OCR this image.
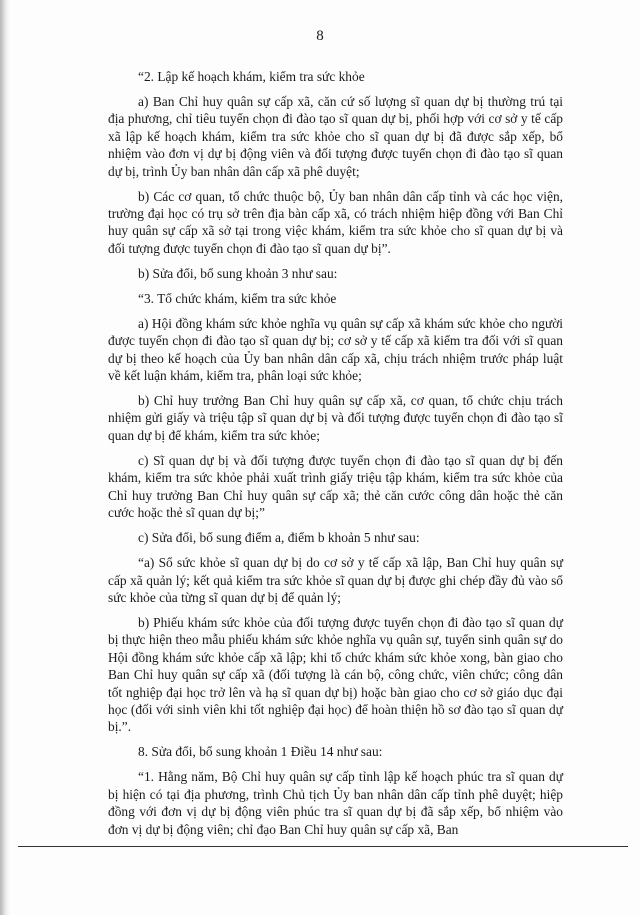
8

“2. Lập kế hoạch khám, kiểm tra sức khỏe

a) Ban Chỉ huy quân sự cấp xã, căn cứ số lượng sĩ quan dự bị thường trú tại địa phương, chỉ tiêu tuyển chọn đi đào tạo sĩ quan dự bị, phối hợp với cơ sở y tế cấp xã lập kế hoạch khám, kiểm tra sức khỏe cho sĩ quan dự bị đã được sắp xếp, bổ nhiệm vào đơn vị dự bị động viên và đối tượng được tuyển chọn đi đào tạo sĩ quan dự bị, trình Ủy ban nhân dân cấp xã phê duyệt;

b) Các cơ quan, tổ chức thuộc bộ, Ủy ban nhân dân cấp tỉnh và các học viện, trường đại học có trụ sở trên địa bàn cấp xã, có trách nhiệm hiệp đồng với Ban Chỉ huy quân sự cấp xã sở tại trong việc khám, kiểm tra sức khỏe cho sĩ quan dự bị và đối tượng được tuyển chọn đi đào tạo sĩ quan dự bị”.

b) Sửa đổi, bổ sung khoản 3 như sau:

“3. Tổ chức khám, kiểm tra sức khỏe

a) Hội đồng khám sức khỏe nghĩa vụ quân sự cấp xã khám sức khỏe cho người được tuyển chọn đi đào tạo sĩ quan dự bị; cơ sở y tế cấp xã kiểm tra đối với sĩ quan dự bị theo kế hoạch của Ủy ban nhân dân cấp xã, chịu trách nhiệm trước pháp luật về kết luận khám, kiểm tra, phân loại sức khỏe;

b) Chỉ huy trưởng Ban Chỉ huy quân sự cấp xã, cơ quan, tổ chức chịu trách nhiệm gửi giấy và triệu tập sĩ quan dự bị và đối tượng được tuyển chọn đi đào tạo sĩ quan dự bị để khám, kiểm tra sức khỏe;

c) Sĩ quan dự bị và đối tượng được tuyển chọn đi đào tạo sĩ quan dự bị đến khám, kiểm tra sức khỏe phải xuất trình giấy triệu tập khám, kiểm tra sức khỏe của Chỉ huy trưởng Ban Chỉ huy quân sự cấp xã; thẻ căn cước công dân hoặc thẻ căn cước hoặc thẻ sĩ quan dự bị;”

c) Sửa đổi, bổ sung điểm a, điểm b khoản 5 như sau:

“a) Sổ sức khỏe sĩ quan dự bị do cơ sở y tế cấp xã lập, Ban Chỉ huy quân sự cấp xã quản lý; kết quả kiểm tra sức khỏe sĩ quan dự bị được ghi chép đầy đủ vào sổ sức khỏe của từng sĩ quan dự bị để quản lý;

b) Phiếu khám sức khỏe của đối tượng được tuyển chọn đi đào tạo sĩ quan dự bị thực hiện theo mẫu phiếu khám sức khỏe nghĩa vụ quân sự, tuyển sinh quân sự do Hội đồng khám sức khỏe cấp xã lập; khi tổ chức khám sức khỏe xong, bàn giao cho Ban Chỉ huy quân sự cấp xã (đối tượng là cán bộ, công chức, viên chức; công dân tốt nghiệp đại học trở lên và hạ sĩ quan dự bị) hoặc bàn giao cho cơ sở giáo dục đại học (đối với sinh viên khi tốt nghiệp đại học) để hoàn thiện hồ sơ đào tạo sĩ quan dự bị.”.

8. Sửa đổi, bổ sung khoản 1 Điều 14 như sau:

“1. Hằng năm, Bộ Chỉ huy quân sự cấp tỉnh lập kế hoạch phúc tra sĩ quan dự bị hiện có tại địa phương, trình Chủ tịch Ủy ban nhân dân cấp tỉnh phê duyệt; hiệp đồng với đơn vị dự bị động viên phúc tra sĩ quan dự bị đã sắp xếp, bổ nhiệm vào đơn vị dự bị động viên; chỉ đạo Ban Chỉ huy quân sự cấp xã, Ban
